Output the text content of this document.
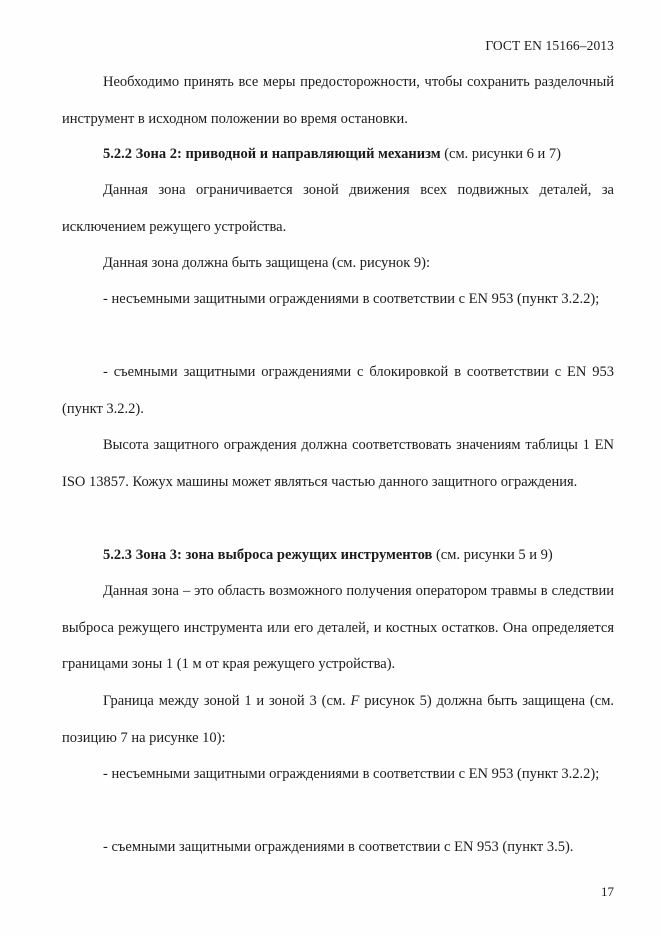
ГОСТ EN 15166–2013

Необходимо принять все меры предосторожности, чтобы сохранить разделочный инструмент в исходном положении во время остановки.

5.2.2 Зона 2: приводной и направляющий механизм (см. рисунки 6 и 7)

Данная зона ограничивается зоной движения всех подвижных деталей, за исключением режущего устройства.

Данная зона должна быть защищена (см. рисунок 9):

- несъемными защитными ограждениями в соответствии с EN 953 (пункт 3.2.2);

- съемными защитными ограждениями с блокировкой в соответствии с EN 953 (пункт 3.2.2).

Высота защитного ограждения должна соответствовать значениям таблицы 1 EN ISO 13857. Кожух машины может являться частью данного защитного ограждения.

5.2.3 Зона 3: зона выброса режущих инструментов (см. рисунки 5 и 9)

Данная зона – это область возможного получения оператором травмы в следствии выброса режущего инструмента или его деталей, и костных остатков. Она определяется границами зоны 1 (1 м от края режущего устройства).

Граница между зоной 1 и зоной 3 (см. F рисунок 5) должна быть защищена (см. позицию 7 на рисунке 10):

- несъемными защитными ограждениями в соответствии с EN 953 (пункт 3.2.2);

- съемными защитными ограждениями в соответствии с EN 953 (пункт 3.5).

17
